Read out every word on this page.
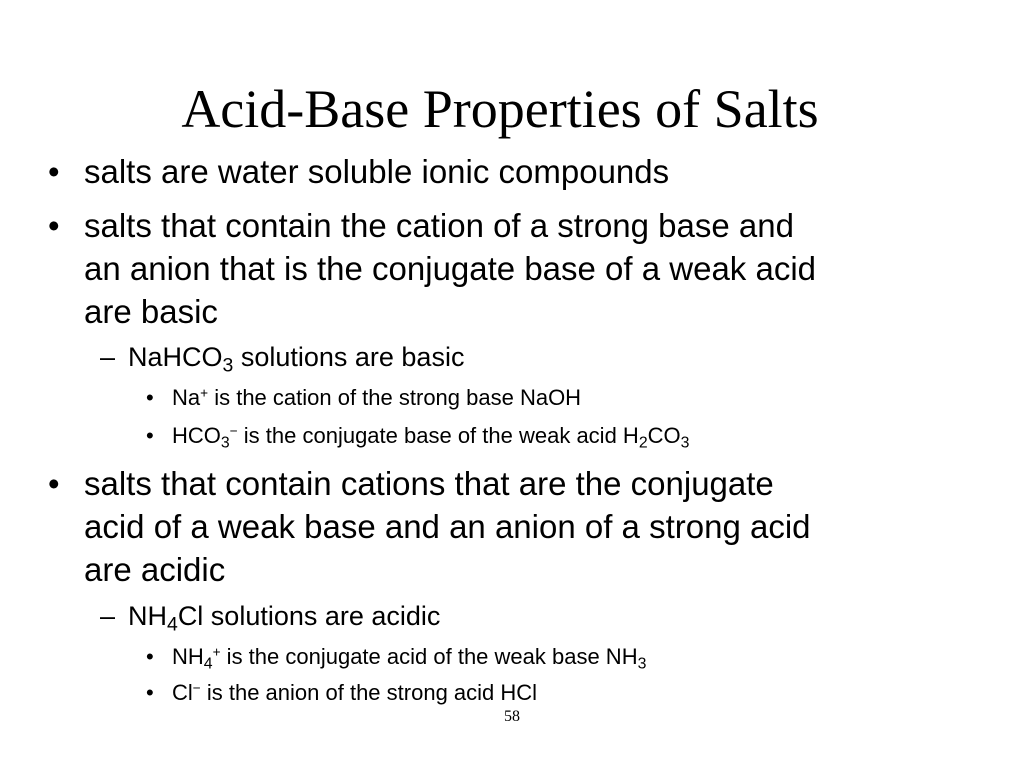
Acid-Base Properties of Salts
• salts are water soluble ionic compounds
• salts that contain the cation of a strong base and
an anion that is the conjugate base of a weak acid
are basic
– NaHCO$_3$ solutions are basic
• Na+ is the cation of the strong base NaOH
• $HCO_3^-$ is the conjugate base of the weak acid $H_2CO_3$
• salts that contain cations that are the conjugate
acid of a weak base and an anion of a strong acid
are acidic
– $NH_4Cl$ solutions are acidic
• $NH_4^+$ is the conjugate acid of the weak base $NH_3$
• Cl− is the anion of the strong acid HCl
58
